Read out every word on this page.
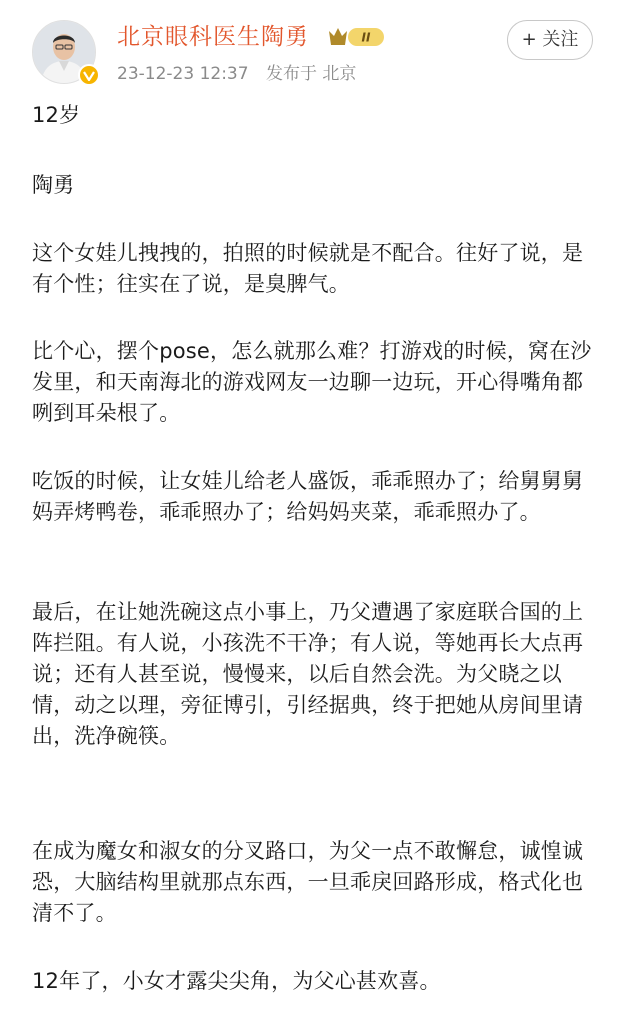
北京眼科医生陶勇	II
23-12-23 12:37 发布于 北京
+ 关注

12岁

陶勇

这个女娃儿拽拽的，拍照的时候就是不配合。往好了说，是有个性；往实在了说，是臭脾气。

比个心，摆个pose，怎么就那么难？打游戏的时候，窝在沙发里，和天南海北的游戏网友一边聊一边玩，开心得嘴角都咧到耳朵根了。

吃饭的时候，让女娃儿给老人盛饭，乖乖照办了；给舅舅舅妈弄烤鸭卷，乖乖照办了；给妈妈夹菜，乖乖照办了。

最后，在让她洗碗这点小事上，乃父遭遇了家庭联合国的上阵拦阻。有人说，小孩洗不干净；有人说，等她再长大点再说；还有人甚至说，慢慢来，以后自然会洗。为父晓之以情，动之以理，旁征博引，引经据典，终于把她从房间里请出，洗净碗筷。

在成为魔女和淑女的分叉路口，为父一点不敢懈怠，诚惶诚恐，大脑结构里就那点东西，一旦乖戾回路形成，格式化也清不了。

12年了，小女才露尖尖角，为父心甚欢喜。
